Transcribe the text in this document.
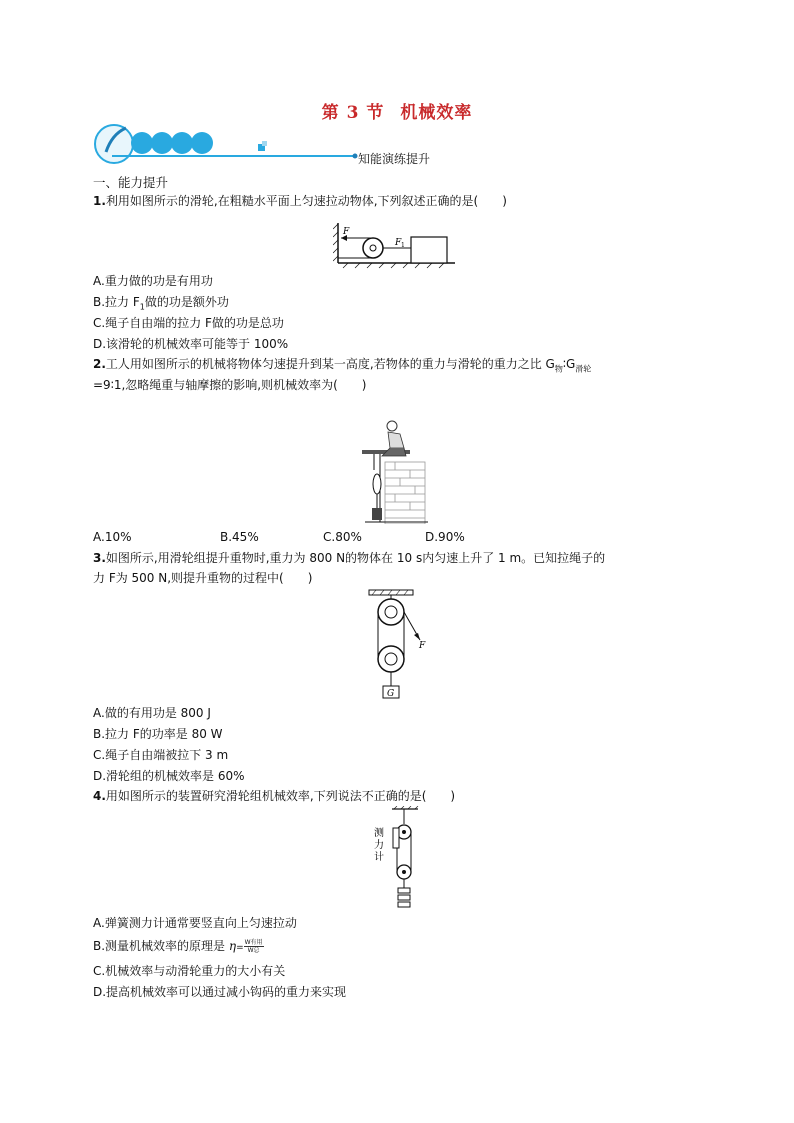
第 3 节 机械效率
知能演练提升
一、能力提升
1.利用如图所示的滑轮,在粗糙水平面上匀速拉动物体,下列叙述正确的是(　　)
F
F 1
A.重力做的功是有用功
B.拉力 $F_1$做的功是额外功
C.绳子自由端的拉力 F做的功是总功
D.该滑轮的机械效率可能等于 100%
2.工人用如图所示的机械将物体匀速提升到某一高度,若物体的重力与滑轮的重力之比 $G_物∶G_{滑轮}$
=9∶1,忽略绳重与轴摩擦的影响,则机械效率为(　　)
A.10%	B.45%	C.80%	D.90%
3.如图所示,用滑轮组提升重物时,重力为 800 N的物体在 10 s内匀速上升了 1 m。已知拉绳子的
力 F为 500 N,则提升重物的过程中(　　)
F
G
A.做的有用功是 800 J
B.拉力 F的功率是 80 W
C.绳子自由端被拉下 3 m
D.滑轮组的机械效率是 60%
4.用如图所示的装置研究滑轮组机械效率,下列说法不正确的是(　　)
测
力
计
A.弹簧测力计通常要竖直向上匀速拉动
B.测量机械效率的原理是 $\eta= \frac{\text{W有用}}{\text{W总}}$
C.机械效率与动滑轮重力的大小有关
D.提高机械效率可以通过减小钩码的重力来实现
